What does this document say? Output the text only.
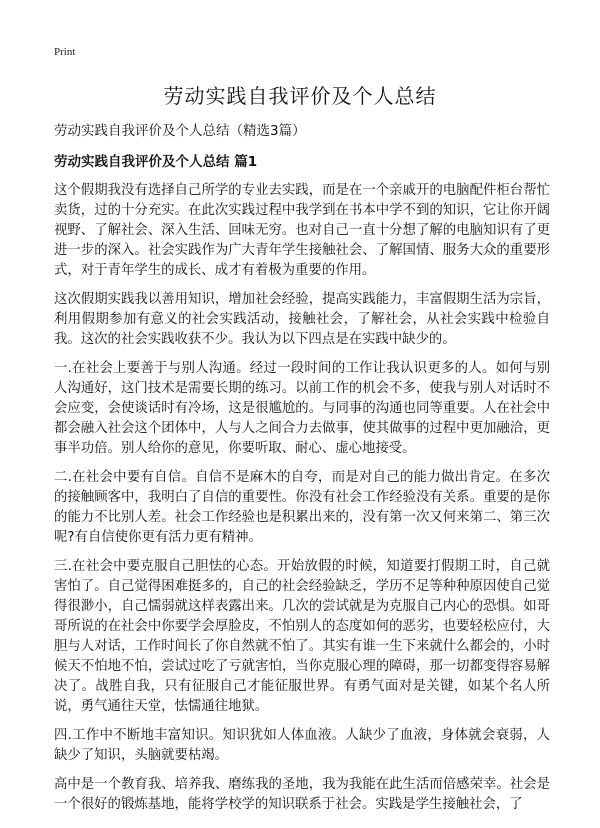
Print
劳动实践自我评价及个人总结

劳动实践自我评价及个人总结（精选3篇）

劳动实践自我评价及个人总结 篇1

这个假期我没有选择自己所学的专业去实践，而是在一个亲戚开的电脑配件柜台帮忙卖货，过的十分充实。在此次实践过程中我学到在书本中学不到的知识，它让你开阔视野、了解社会、深入生活、回味无穷。也对自己一直十分想了解的电脑知识有了更进一步的深入。社会实践作为广大青年学生接触社会、了解国情、服务大众的重要形式，对于青年学生的成长、成才有着极为重要的作用。

这次假期实践我以善用知识，增加社会经验，提高实践能力，丰富假期生活为宗旨，利用假期参加有意义的社会实践活动，接触社会，了解社会，从社会实践中检验自我。这次的社会实践收获不少。我认为以下四点是在实践中缺少的。

一.在社会上要善于与别人沟通。经过一段时间的工作让我认识更多的人。如何与别人沟通好，这门技术是需要长期的练习。以前工作的机会不多，使我与别人对话时不会应变，会使谈话时有冷场，这是很尴尬的。与同事的沟通也同等重要。人在社会中都会融入社会这个团体中，人与人之间合力去做事，使其做事的过程中更加融洽，更事半功倍。别人给你的意见，你要听取、耐心、虚心地接受。

二.在社会中要有自信。自信不是麻木的自夸，而是对自己的能力做出肯定。在多次的接触顾客中，我明白了自信的重要性。你没有社会工作经验没有关系。重要的是你的能力不比别人差。社会工作经验也是积累出来的，没有第一次又何来第二、第三次呢?有自信使你更有活力更有精神。

三.在社会中要克服自己胆怯的心态。开始放假的时候，知道要打假期工时，自己就害怕了。自己觉得困难挺多的，自己的社会经验缺乏，学历不足等种种原因使自己觉得很渺小，自己懦弱就这样表露出来。几次的尝试就是为克服自己内心的恐惧。如哥哥所说的在社会中你要学会厚脸皮，不怕别人的态度如何的恶劣，也要轻松应付，大胆与人对话，工作时间长了你自然就不怕了。其实有谁一生下来就什么都会的，小时候天不怕地不怕，尝试过吃了亏就害怕，当你克服心理的障碍，那一切都变得容易解决了。战胜自我，只有征服自己才能征服世界。有勇气面对是关键，如某个名人所说，勇气通往天堂，怯懦通往地狱。

四.工作中不断地丰富知识。知识犹如人体血液。人缺少了血液，身体就会衰弱，人缺少了知识，头脑就要枯竭。

高中是一个教育我、培养我、磨练我的圣地，我为我能在此生活而倍感荣幸。社会是一个很好的锻炼基地，能将学校学的知识联系于社会。实践是学生接触社会，了
